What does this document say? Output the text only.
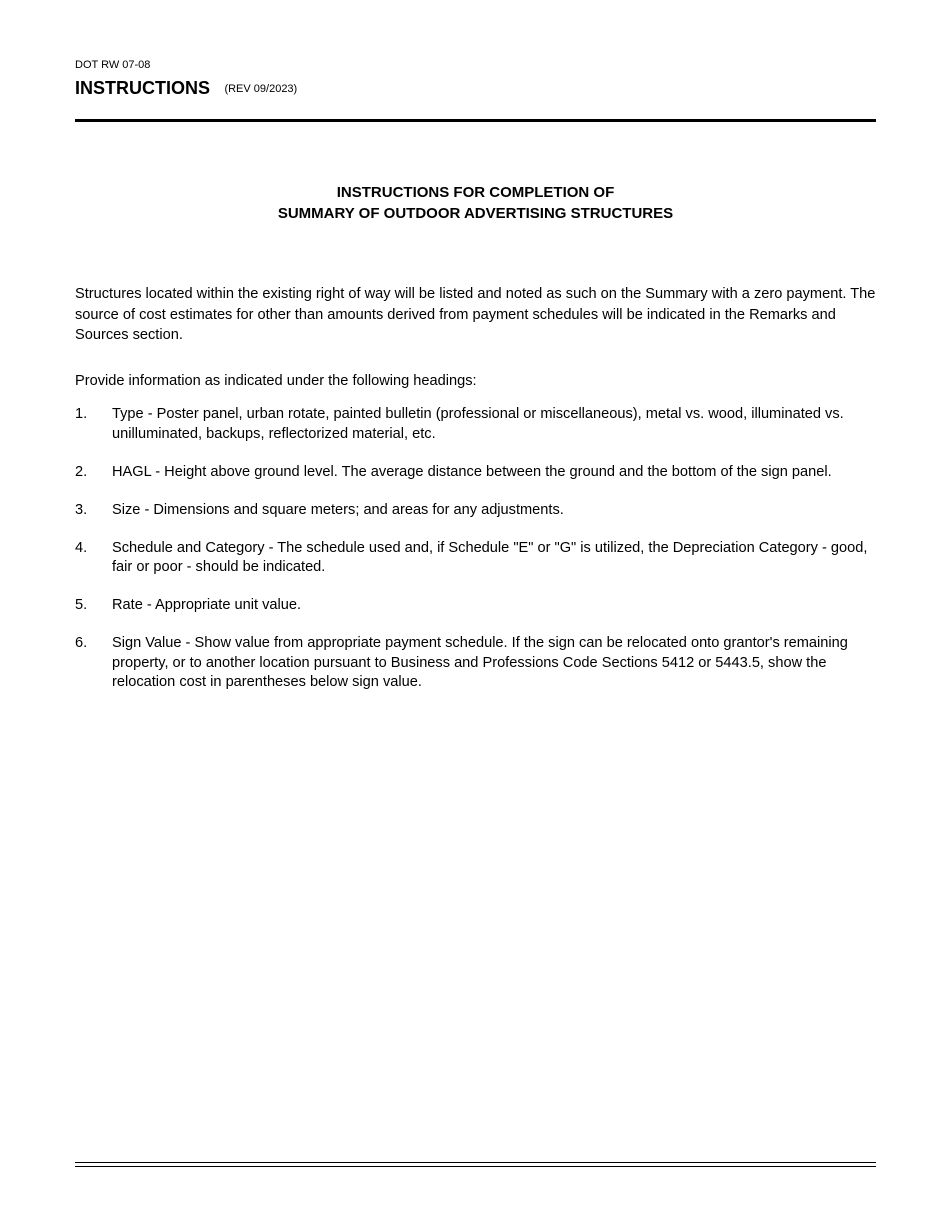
DOT RW 07-08
INSTRUCTIONS (REV 09/2023)
INSTRUCTIONS FOR COMPLETION OF
SUMMARY OF OUTDOOR ADVERTISING STRUCTURES

Structures located within the existing right of way will be listed and noted as such on the Summary with a zero payment. The source of cost estimates for other than amounts derived from payment schedules will be indicated in the Remarks and Sources section.

Provide information as indicated under the following headings:

1. Type - Poster panel, urban rotate, painted bulletin (professional or miscellaneous), metal vs. wood, illuminated vs. unilluminated, backups, reflectorized material, etc.
2. HAGL - Height above ground level. The average distance between the ground and the bottom of the sign panel.
3. Size - Dimensions and square meters; and areas for any adjustments.
4. Schedule and Category - The schedule used and, if Schedule "E" or "G" is utilized, the Depreciation Category - good, fair or poor - should be indicated.
5. Rate - Appropriate unit value.
6. Sign Value - Show value from appropriate payment schedule. If the sign can be relocated onto grantor's remaining property, or to another location pursuant to Business and Professions Code Sections 5412 or 5443.5, show the relocation cost in parentheses below sign value.
